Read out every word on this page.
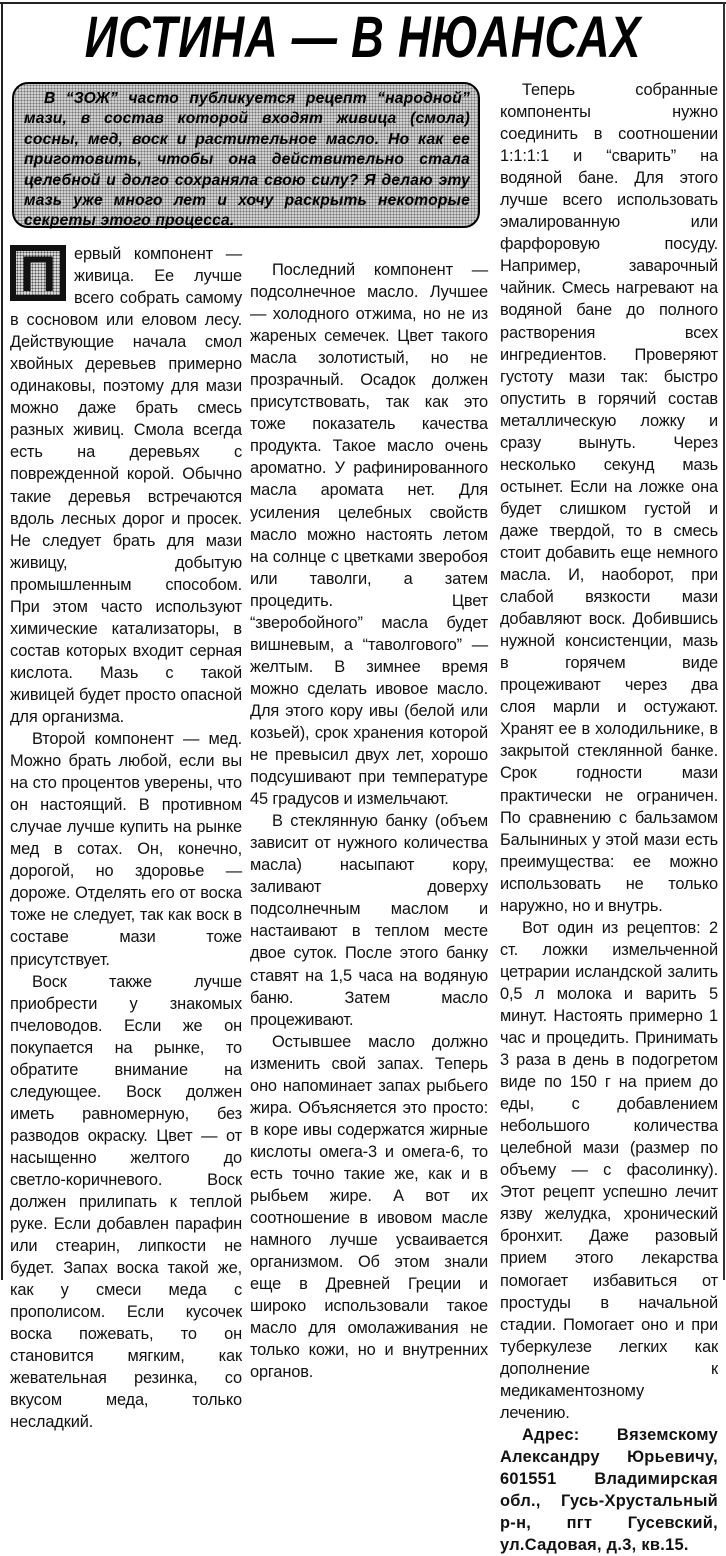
ИСТИНА — В НЮАНСАХ

В “ЗОЖ” часто публикуется рецепт “народной” мази, в состав которой входят живица (смола) сосны, мед, воск и растительное масло. Но как ее приготовить, чтобы она действительно стала целебной и долго сохраняла свою силу? Я делаю эту мазь уже много лет и хочу раскрыть некоторые секреты этого процесса.

П	ервый компонент — живица. Ее лучше всего собрать самому в сосновом или еловом лесу. Действующие начала смол хвойных деревьев примерно одинаковы, поэтому для мази можно даже брать смесь разных живиц. Смола всегда есть на деревьях с поврежденной корой. Обычно такие деревья встречаются вдоль лесных дорог и просек. Не следует брать для мази живицу, добытую промышленным способом. При этом часто используют химические катализаторы, в состав которых входит серная кислота. Мазь с такой живицей будет просто опасной для организма.

Второй компонент — мед. Можно брать любой, если вы на сто процентов уверены, что он настоящий. В противном случае лучше купить на рынке мед в сотах. Он, конечно, дорогой, но здоровье — дороже. Отделять его от воска тоже не следует, так как воск в составе мази тоже присутствует.

Воск также лучше приобрести у знакомых пчеловодов. Если же он покупается на рынке, то обратите внимание на следующее. Воск должен иметь равномерную, без разводов окраску. Цвет — от насыщенно желтого до светло-коричневого. Воск должен прилипать к теплой руке. Если добавлен парафин или стеарин, липкости не будет. Запах воска такой же, как у смеси меда с прополисом. Если кусочек воска пожевать, то он становится мягким, как жевательная резинка, со вкусом меда, только несладкий.

Последний компонент — подсолнечное масло. Лучшее — холодного отжима, но не из жареных семечек. Цвет такого масла золотистый, но не прозрачный. Осадок должен присутствовать, так как это тоже показатель качества продукта. Такое масло очень ароматно. У рафинированного масла аромата нет. Для усиления целебных свойств масло можно настоять летом на солнце с цветками зверобоя или таволги, а затем процедить. Цвет “зверобойного” масла будет вишневым, а “таволгового” — желтым. В зимнее время можно сделать ивовое масло. Для этого кору ивы (белой или козьей), срок хранения которой не превысил двух лет, хорошо подсушивают при температуре 45 градусов и измельчают.

В стеклянную банку (объем зависит от нужного количества масла) насыпают кору, заливают доверху подсолнечным маслом и настаивают в теплом месте двое суток. После этого банку ставят на 1,5 часа на водяную баню. Затем масло процеживают.

Остывшее масло должно изменить свой запах. Теперь оно напоминает запах рыбьего жира. Объясняется это просто: в коре ивы содержатся жирные кислоты омега-3 и омега-6, то есть точно такие же, как и в рыбьем жире. А вот их соотношение в ивовом масле намного лучше усваивается организмом. Об этом знали еще в Древней Греции и широко использовали такое масло для омолаживания не только кожи, но и внутренних органов.

Теперь собранные компоненты нужно соединить в соотношении 1:1:1:1 и “сварить” на водяной бане. Для этого лучше всего использовать эмалированную или фарфоровую посуду. Например, заварочный чайник. Смесь нагревают на водяной бане до полного растворения всех ингредиентов. Проверяют густоту мази так: быстро опустить в горячий состав металлическую ложку и сразу вынуть. Через несколько секунд мазь остынет. Если на ложке она будет слишком густой и даже твердой, то в смесь стоит добавить еще немного масла. И, наоборот, при слабой вязкости мази добавляют воск. Добившись нужной консистенции, мазь в горячем виде процеживают через два слоя марли и остужают. Хранят ее в холодильнике, в закрытой стеклянной банке. Срок годности мази практически не ограничен. По сравнению с бальзамом Балыниных у этой мази есть преимущества: ее можно использовать не только наружно, но и внутрь.

Вот один из рецептов: 2 ст. ложки измельченной цетрарии исландской залить 0,5 л молока и варить 5 минут. Настоять примерно 1 час и процедить. Принимать 3 раза в день в подогретом виде по 150 г на прием до еды, с добавлением небольшого количества целебной мази (размер по объему — с фасолинку). Этот рецепт успешно лечит язву желудка, хронический бронхит. Даже разовый прием этого лекарства помогает избавиться от простуды в начальной стадии. Помогает оно и при туберкулезе легких как дополнение к медикаментозному лечению.

Адрес: Вяземскому Александру Юрьевичу, 601551 Владимирская обл., Гусь-Хрустальный р-н, пгт Гусевский, ул.Садовая, д.3, кв.15.
